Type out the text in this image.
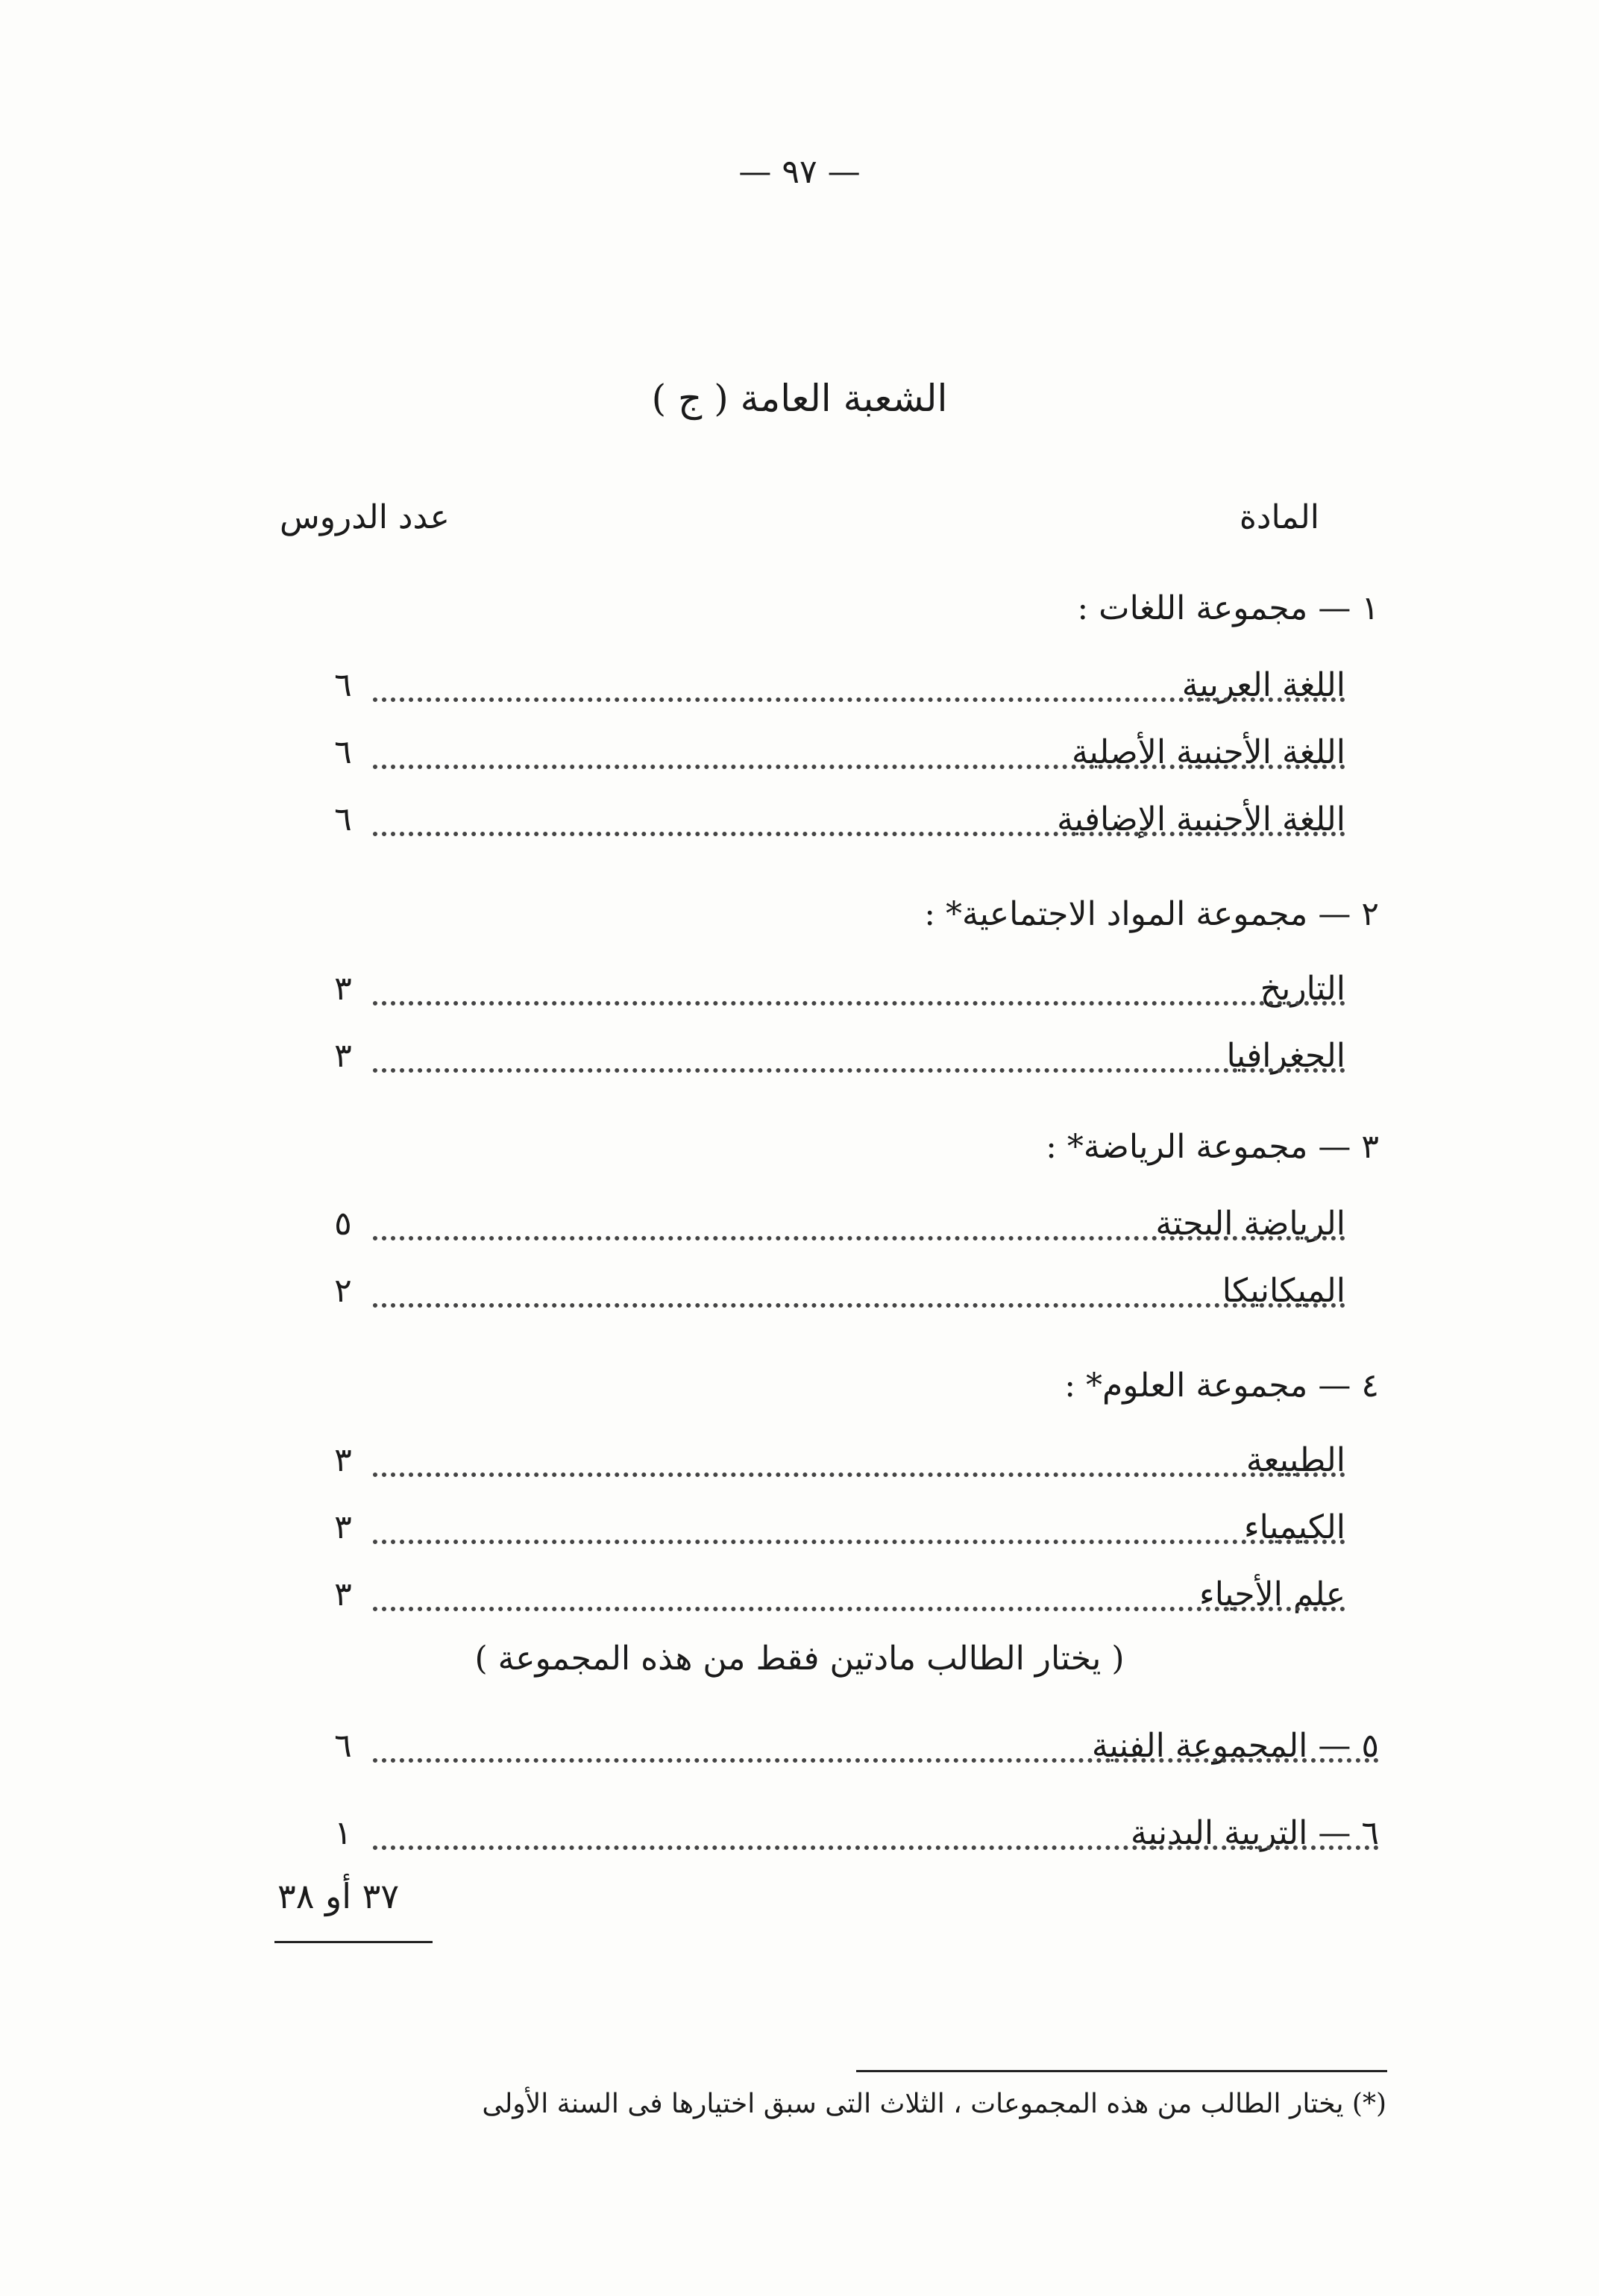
— ٩٧ —
( ج ) الشعبة العامة
المادة
عدد الدروس
١ — مجموعة اللغات :
اللغة العربية
٦
اللغة الأجنبية الأصلية
٦
اللغة الأجنبية الإضافية
٦
٢ — مجموعة المواد الاجتماعية* :
التاريخ
٣
الجغرافيا
٣
٣ — مجموعة الرياضة* :
الرياضة البحتة
٥
الميكانيكا
٢
٤ — مجموعة العلوم* :
الطبيعة
٣
الكيمياء
٣
علم الأحياء
٣
( يختار الطالب مادتين فقط من هذه المجموعة )
٥ — المجموعة الفنية
٦
٦ — التربية البدنية
١
٣٧ أو ٣٨
(*) يختار الطالب من هذه المجموعات ، الثلاث التى سبق اختيارها فى السنة الأولى
